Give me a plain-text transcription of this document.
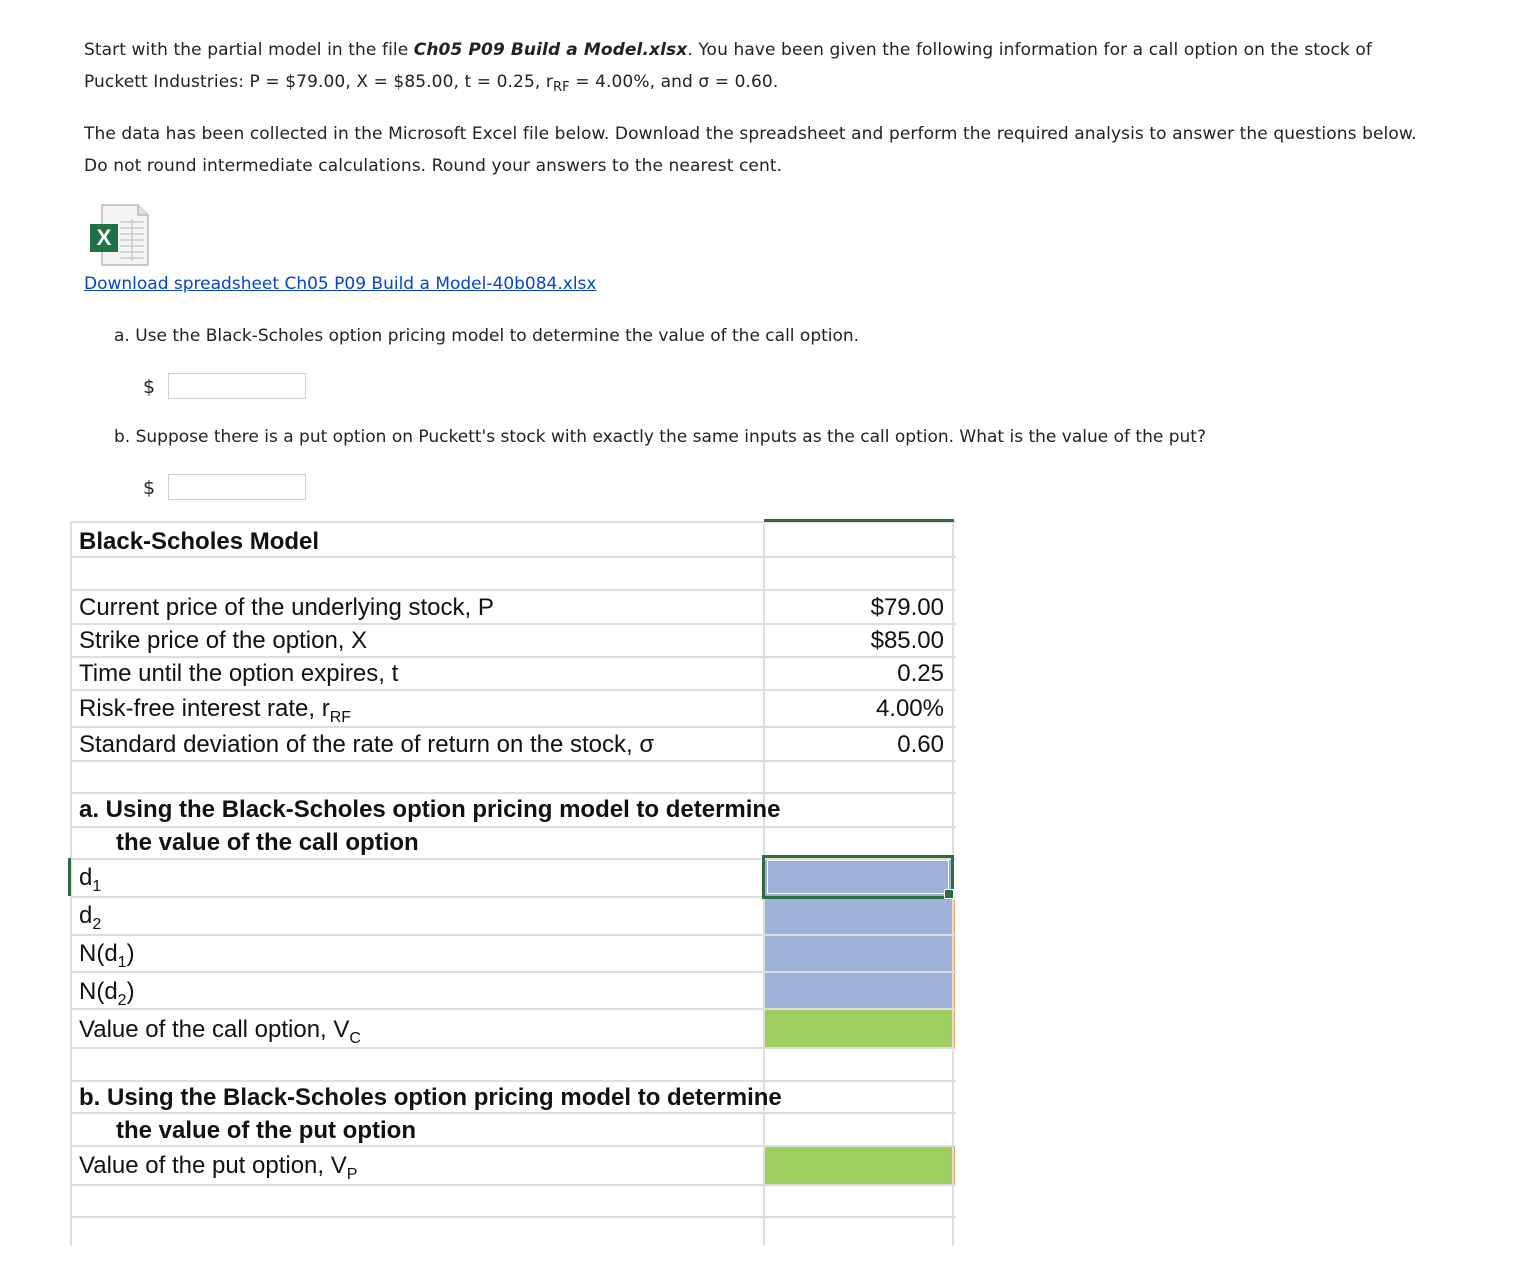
Start with the partial model in the file Ch05 P09 Build a Model.xlsx. You have been given the following information for a call option on the stock of
Puckett Industries: P = $79.00, X = $85.00, t = 0.25, $r_{RF} = 4.00\%$, and σ = 0.60.
The data has been collected in the Microsoft Excel file below. Download the spreadsheet and perform the required analysis to answer the questions below.
Do not round intermediate calculations. Round your answers to the nearest cent.
X
Download spreadsheet Ch05 P09 Build a Model-40b084.xlsx
a. Use the Black-Scholes option pricing model to determine the value of the call option.
$
b. Suppose there is a put option on Puckett's stock with exactly the same inputs as the call option. What is the value of the put?
$
Black-Scholes Model
Current price of the underlying stock, P	$79.00
Strike price of the option, X	$85.00
Time until the option expires, t	0.25
Risk-free interest rate, $r_{RF}$	4.00%
Standard deviation of the rate of return on the stock, σ	0.60
a. Using the Black-Scholes option pricing model to determine
the value of the call option
$d_1$
$d_2$
$N(d_1)$
$N(d_2)$
Value of the call option, $V_C$
b. Using the Black-Scholes option pricing model to determine
the value of the put option
Value of the put option, $V_P$
